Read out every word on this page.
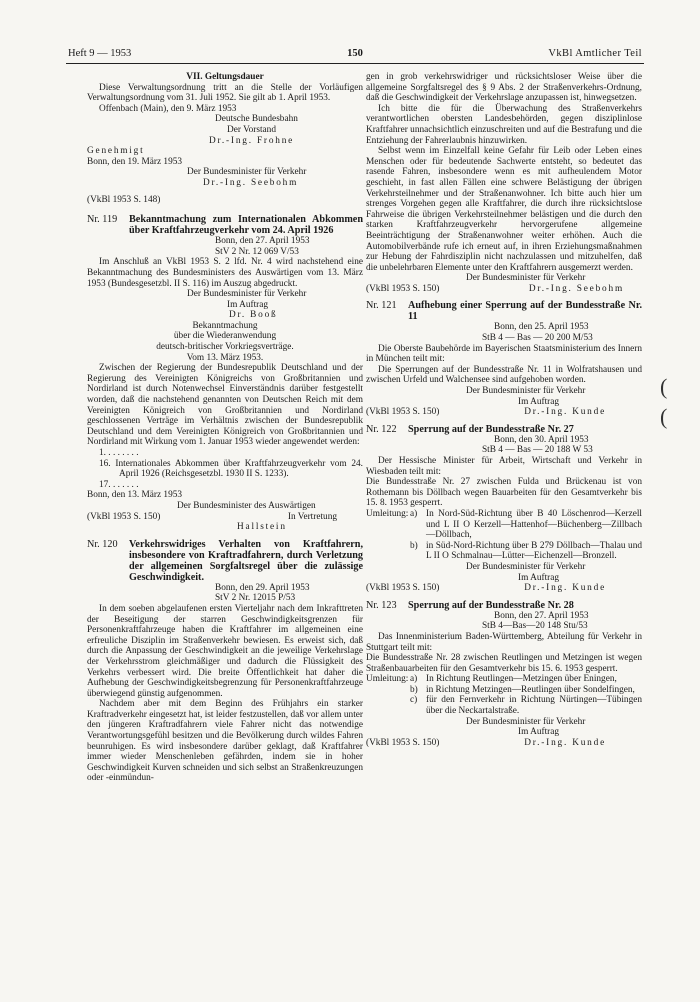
Heft 9 — 1953	150	VkBl Amtlicher Teil
(
(
VII. Geltungsdauer
Diese Verwaltungsordnung tritt an die Stelle der Vorläufigen Verwaltungsordnung vom 31. Juli 1952. Sie gilt ab 1. April 1953.
Offenbach (Main), den 9. März 1953
Deutsche Bundesbahn
Der Vorstand
Dr.-Ing. Frohne
Genehmigt
Bonn, den 19. März 1953
Der Bundesminister für Verkehr
Dr.-Ing. Seebohm
(VkBl 1953 S. 148)
Nr. 119	Bekanntmachung zum Internationalen Abkommen über Kraftfahrzeugverkehr vom 24. April 1926
Bonn, den 27. April 1953
StV 2 Nr. 12 069 V/53
Im Anschluß an VkBl 1953 S. 2 lfd. Nr. 4 wird nachstehend eine Bekanntmachung des Bundesministers des Auswärtigen vom 13. März 1953 (Bundesgesetzbl. II S. 116) im Auszug abgedruckt.
Der Bundesminister für Verkehr
Im Auftrag
Dr. Booß
Bekanntmachung
über die Wiederanwendung
deutsch-britischer Vorkriegsverträge.
Vom 13. März 1953.
Zwischen der Regierung der Bundesrepublik Deutschland und der Regierung des Vereinigten Königreichs von Großbritannien und Nordirland ist durch Notenwechsel Einverständnis darüber festgestellt worden, daß die nachstehend genannten von Deutschen Reich mit dem Vereinigten Königreich von Großbritannien und Nordirland geschlossenen Verträge im Verhältnis zwischen der Bundesrepublik Deutschland und dem Vereinigten Königreich von Großbritannien und Nordirland mit Wirkung vom 1. Januar 1953 wieder angewendet werden:
1. . . . . . . .
16. Internationales Abkommen über Kraftfahrzeugverkehr vom 24. April 1926 (Reichsgesetzbl. 1930 II S. 1233).
17. . . . . . .
Bonn, den 13. März 1953
Der Bundesminister des Auswärtigen
(VkBl 1953 S. 150)	In Vertretung
Hallstein
Nr. 120	Verkehrswidriges Verhalten von Kraftfahrern, insbesondere von Kraftradfahrern, durch Verletzung der allgemeinen Sorgfaltsregel über die zulässige Geschwindigkeit.
Bonn, den 29. April 1953
StV 2 Nr. 12015 P/53
In dem soeben abgelaufenen ersten Vierteljahr nach dem Inkrafttreten der Beseitigung der starren Geschwindigkeitsgrenzen für Personenkraftfahrzeuge haben die Kraftfahrer im allgemeinen eine erfreuliche Disziplin im Straßenverkehr bewiesen. Es erweist sich, daß durch die Anpassung der Geschwindigkeit an die jeweilige Verkehrslage der Verkehrsstrom gleichmäßiger und dadurch die Flüssigkeit des Verkehrs verbessert wird. Die breite Öffentlichkeit hat daher die Aufhebung der Geschwindigkeitsbegrenzung für Personenkraftfahrzeuge überwiegend günstig aufgenommen.
Nachdem aber mit dem Beginn des Frühjahrs ein starker Kraftradverkehr eingesetzt hat, ist leider festzustellen, daß vor allem unter den jüngeren Kraftradfahrern viele Fahrer nicht das notwendige Verantwortungsgefühl besitzen und die Bevölkerung durch wildes Fahren beunruhigen. Es wird insbesondere darüber geklagt, daß Kraftfahrer immer wieder Menschenleben gefährden, indem sie in hoher Geschwindigkeit Kurven schneiden und sich selbst an Straßenkreuzungen oder -einmündun-
gen in grob verkehrswidriger und rücksichtsloser Weise über die allgemeine Sorgfaltsregel des § 9 Abs. 2 der Straßenverkehrs-Ordnung, daß die Geschwindigkeit der Verkehrslage anzupassen ist, hinwegsetzen.
Ich bitte die für die Überwachung des Straßenverkehrs verantwortlichen obersten Landesbehörden, gegen disziplinlose Kraftfahrer unnachsichtlich einzuschreiten und auf die Bestrafung und die Entziehung der Fahrerlaubnis hinzuwirken.
Selbst wenn im Einzelfall keine Gefahr für Leib oder Leben eines Menschen oder für bedeutende Sachwerte entsteht, so bedeutet das rasende Fahren, insbesondere wenn es mit aufheulendem Motor geschieht, in fast allen Fällen eine schwere Belästigung der übrigen Verkehrsteilnehmer und der Straßenanwohner. Ich bitte auch hier um strenges Vorgehen gegen alle Kraftfahrer, die durch ihre rücksichtslose Fahrweise die übrigen Verkehrsteilnehmer belästigen und die durch den starken Kraftfahrzeugverkehr hervorgerufene allgemeine Beeinträchtigung der Straßenanwohner weiter erhöhen. Auch die Automobilverbände rufe ich erneut auf, in ihren Erziehungsmaßnahmen zur Hebung der Fahrdisziplin nicht nachzulassen und mitzuhelfen, daß die unbelehrbaren Elemente unter den Kraftfahrern ausgemerzt werden.
Der Bundesminister für Verkehr
(VkBl 1953 S. 150)	Dr.-Ing. Seebohm
Nr. 121	Aufhebung einer Sperrung auf der Bundesstraße Nr. 11
Bonn, den 25. April 1953
StB 4 — Bas — 20 200 M/53
Die Oberste Baubehörde im Bayerischen Staatsministerium des Innern in München teilt mit:
Die Sperrungen auf der Bundesstraße Nr. 11 in Wolfratshausen und zwischen Urfeld und Walchensee sind aufgehoben worden.
Der Bundesminister für Verkehr
Im Auftrag
(VkBl 1953 S. 150)	Dr.-Ing. Kunde
Nr. 122	Sperrung auf der Bundesstraße Nr. 27
Bonn, den 30. April 1953
StB 4 — Bas — 20 188 W 53
Der Hessische Minister für Arbeit, Wirtschaft und Verkehr in Wiesbaden teilt mit:
Die Bundesstraße Nr. 27 zwischen Fulda und Brückenau ist von Rothemann bis Döllbach wegen Bauarbeiten für den Gesamtverkehr bis 15. 8. 1953 gesperrt.
Umleitung: a) In Nord-Süd-Richtung über B 40 Löschenrod—Kerzell und L II O Kerzell—Hattenhof—Büchenberg—Zillbach—Döllbach,
b) in Süd-Nord-Richtung über B 279 Döllbach—Thalau und L II O Schmalnau—Lütter—Eichenzell—Bronzell.
Der Bundesminister für Verkehr
Im Auftrag
(VkBl 1953 S. 150)	Dr.-Ing. Kunde
Nr. 123	Sperrung auf der Bundesstraße Nr. 28
Bonn, den 27. April 1953
StB 4—Bas—20 148 Stu/53
Das Innenministerium Baden-Württemberg, Abteilung für Verkehr in Stuttgart teilt mit:
Die Bundesstraße Nr. 28 zwischen Reutlingen und Metzingen ist wegen Straßenbauarbeiten für den Gesamtverkehr bis 15. 6. 1953 gesperrt.
Umleitung: a) In Richtung Reutlingen—Metzingen über Eningen,
b) in Richtung Metzingen—Reutlingen über Sondelfingen,
c) für den Fernverkehr in Richtung Nürtingen—Tübingen über die Neckartalstraße.
Der Bundesminister für Verkehr
Im Auftrag
(VkBl 1953 S. 150)	Dr.-Ing. Kunde
